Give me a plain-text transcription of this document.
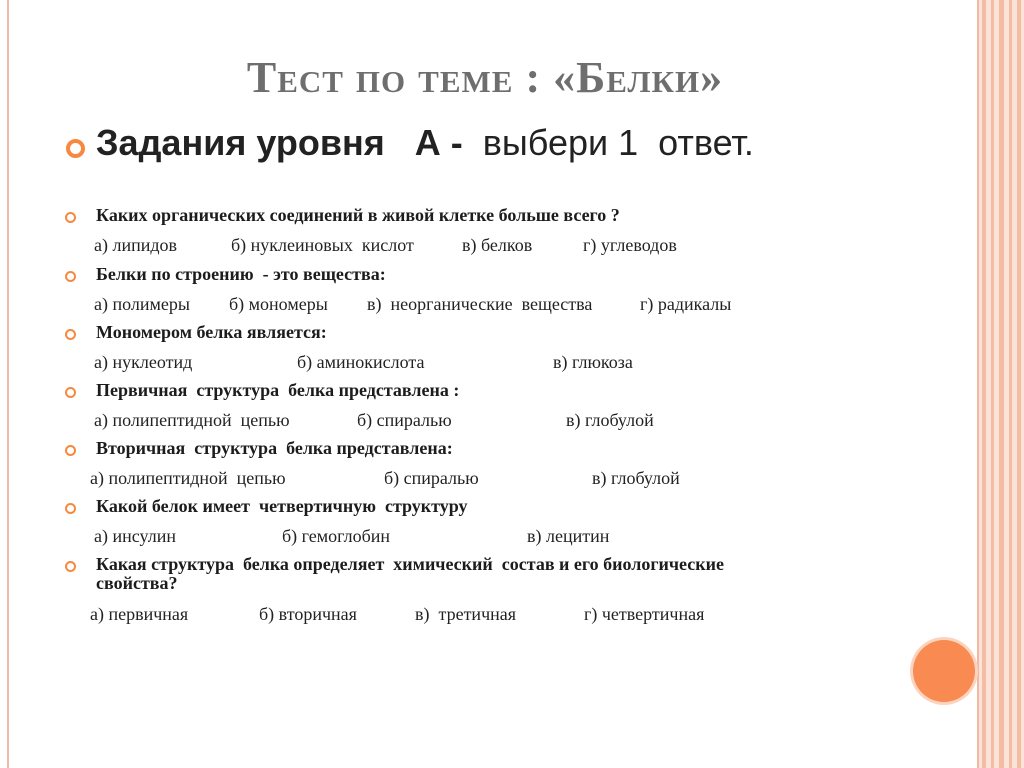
Тест по теме : «Белки»
Задания уровня   А -  выбери 1  ответ.
Каких органических соединений в живой клетке больше всего ?
а) липидов	б) нуклеиновых  кислот	в) белков	г) углеводов
Белки по строению  - это вещества:
а) полимеры б) мономеры в)  неорганические  вещества	г) радикалы
Мономером белка является:
а) нуклеотид	б) аминокислота	в) глюкоза
Первичная  структура  белка представлена :
а) полипептидной  цепью	б) спиралью	в) глобулой
Вторичная  структура  белка представлена:
а) полипептидной  цепью	б) спиралью	в) глобулой
Какой белок имеет  четвертичную  структуру
а) инсулин	б) гемоглобин	в) лецитин
Какая структура  белка определяет  химический  состав и его биологические
свойства?
а) первичная	б) вторичная	в)  третичная	г) четвертичная
